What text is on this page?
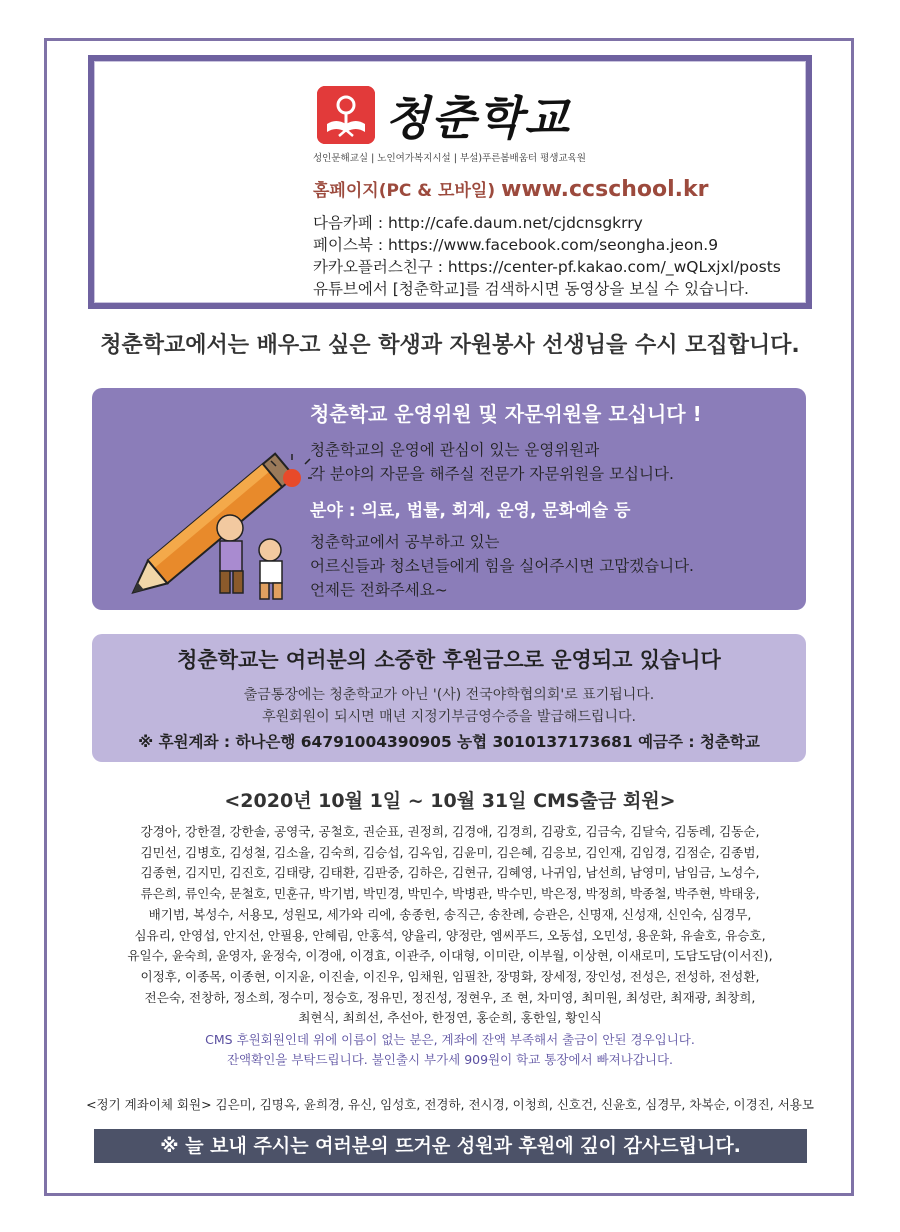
청춘학교
성인문해교실 | 노인여가복지시설 | 부설)푸른봄배움터 평생교육원
홈페이지(PC & 모바일) www.ccschool.kr
다음카페 : http://cafe.daum.net/cjdcnsgkrry
페이스북 : https://www.facebook.com/seongha.jeon.9
카카오플러스친구 : https://center-pf.kakao.com/_wQLxjxl/posts
유튜브에서 [청춘학교]를 검색하시면 동영상을 보실 수 있습니다.
청춘학교에서는 배우고 싶은 학생과 자원봉사 선생님을 수시 모집합니다.
청춘학교 운영위원 및 자문위원을 모십니다 !
청춘학교의 운영에 관심이 있는 운영위원과
각 분야의 자문을 해주실 전문가 자문위원을 모십니다.
분야 : 의료, 법률, 회계, 운영, 문화예술 등
청춘학교에서 공부하고 있는
어르신들과 청소년들에게 힘을 실어주시면 고맙겠습니다.
언제든 전화주세요~
청춘학교는 여러분의 소중한 후원금으로 운영되고 있습니다
출금통장에는 청춘학교가 아닌 '(사) 전국야학협의회'로 표기됩니다.
후원회원이 되시면 매년 지정기부금영수증을 발급해드립니다.
※ 후원계좌 : 하나은행 64791004390905 농협 3010137173681 예금주 : 청춘학교
<2020년 10월 1일 ~ 10월 31일 CMS출금 회원>
강경아, 강한결, 강한솔, 공영국, 공철호, 권순표, 권정희, 김경애, 김경희, 김광호, 김금숙, 김달숙, 김동례, 김동순,
김민선, 김병호, 김성철, 김소율, 김숙희, 김승섭, 김옥임, 김윤미, 김은혜, 김응보, 김인재, 김임경, 김점순, 김종범,
김종현, 김지민, 김진호, 김태량, 김태환, 김판중, 김하은, 김현규, 김혜영, 나귀임, 남선희, 남영미, 남임금, 노성수,
류은희, 류인숙, 문철호, 민훈규, 박기범, 박민경, 박민수, 박병관, 박수민, 박은정, 박정희, 박종철, 박주현, 박태웅,
배기범, 복성수, 서용모, 성원모, 세가와 리에, 송종헌, 송직근, 송찬례, 승관은, 신명재, 신성재, 신인숙, 심경무,
심유리, 안영섭, 안지선, 안필용, 안혜림, 안홍석, 양율리, 양정란, 엠씨푸드, 오동섭, 오민성, 용운화, 유솔호, 유승호,
유일수, 윤숙희, 윤영자, 윤정숙, 이경애, 이경효, 이관주, 이대형, 이미란, 이부월, 이상현, 이새로미, 도담도담(이서진),
이정후, 이종목, 이종현, 이지윤, 이진솔, 이진우, 임채원, 임필찬, 장명화, 장세정, 장인성, 전성은, 전성하, 전성환,
전은숙, 전창하, 정소희, 정수미, 정승호, 정유민, 정진성, 정현우, 조 현, 차미영, 최미원, 최성란, 최재광, 최창희,
최현식, 최희선, 추선아, 한정연, 홍순희, 홍한일, 황인식
CMS 후원회원인데 위에 이름이 없는 분은, 계좌에 잔액 부족해서 출금이 안된 경우입니다.
잔액확인을 부탁드립니다. 불인출시 부가세 909원이 학교 통장에서 빠져나갑니다.
<정기 계좌이체 회원> 김은미, 김명옥, 윤희경, 유신, 임성호, 전경하, 전시경, 이청희, 신호건, 신윤호, 심경무, 차복순, 이경진, 서용모
※ 늘 보내 주시는 여러분의 뜨거운 성원과 후원에 깊이 감사드립니다.
